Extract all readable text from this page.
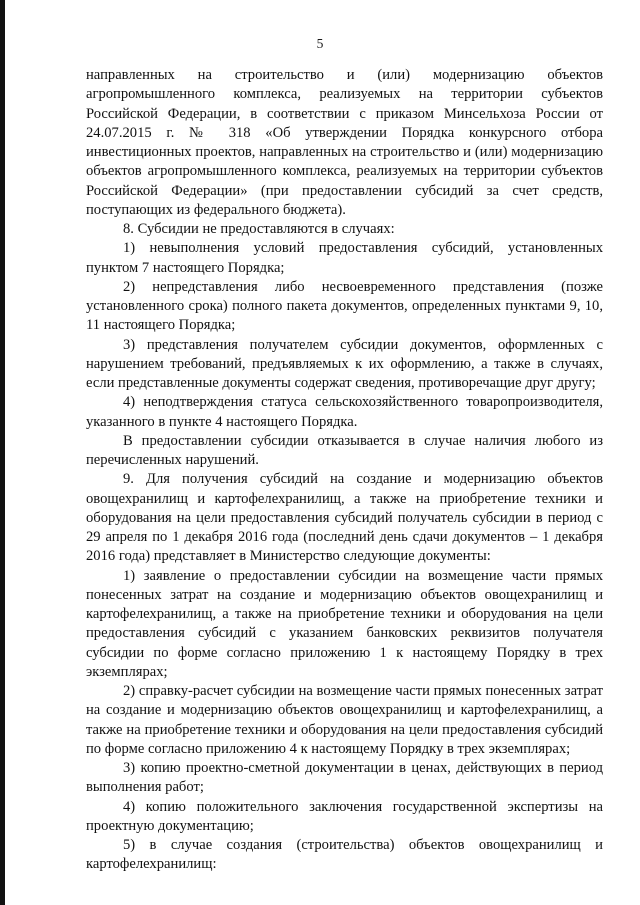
5

направленных на строительство и (или) модернизацию объектов агропромышленного комплекса, реализуемых на территории субъектов Российской Федерации, в соответствии с приказом Минсельхоза России от 24.07.2015 г. № 318 «Об утверждении Порядка конкурсного отбора инвестиционных проектов, направленных на строительство и (или) модернизацию объектов агропромышленного комплекса, реализуемых на территории субъектов Российской Федерации» (при предоставлении субсидий за счет средств, поступающих из федерального бюджета).

8. Субсидии не предоставляются в случаях:

1) невыполнения условий предоставления субсидий, установленных пунктом 7 настоящего Порядка;

2) непредставления либо несвоевременного представления (позже установленного срока) полного пакета документов, определенных пунктами 9, 10, 11 настоящего Порядка;

3) представления получателем субсидии документов, оформленных с нарушением требований, предъявляемых к их оформлению, а также в случаях, если представленные документы содержат сведения, противоречащие друг другу;

4) неподтверждения статуса сельскохозяйственного товаропроизводителя, указанного в пункте 4 настоящего Порядка.

В предоставлении субсидии отказывается в случае наличия любого из перечисленных нарушений.

9. Для получения субсидий на создание и модернизацию объектов овощехранилищ и картофелехранилищ, а также на приобретение техники и оборудования на цели предоставления субсидий получатель субсидии в период с 29 апреля по 1 декабря 2016 года (последний день сдачи документов – 1 декабря 2016 года) представляет в Министерство следующие документы:

1) заявление о предоставлении субсидии на возмещение части прямых понесенных затрат на создание и модернизацию объектов овощехранилищ и картофелехранилищ, а также на приобретение техники и оборудования на цели предоставления субсидий с указанием банковских реквизитов получателя субсидии по форме согласно приложению 1 к настоящему Порядку в трех экземплярах;

2) справку-расчет субсидии на возмещение части прямых понесенных затрат на создание и модернизацию объектов овощехранилищ и картофелехранилищ, а также на приобретение техники и оборудования на цели предоставления субсидий по форме согласно приложению 4 к настоящему Порядку в трех экземплярах;

3) копию проектно-сметной документации в ценах, действующих в период выполнения работ;

4) копию положительного заключения государственной экспертизы на проектную документацию;

5) в случае создания (строительства) объектов овощехранилищ и картофелехранилищ:
